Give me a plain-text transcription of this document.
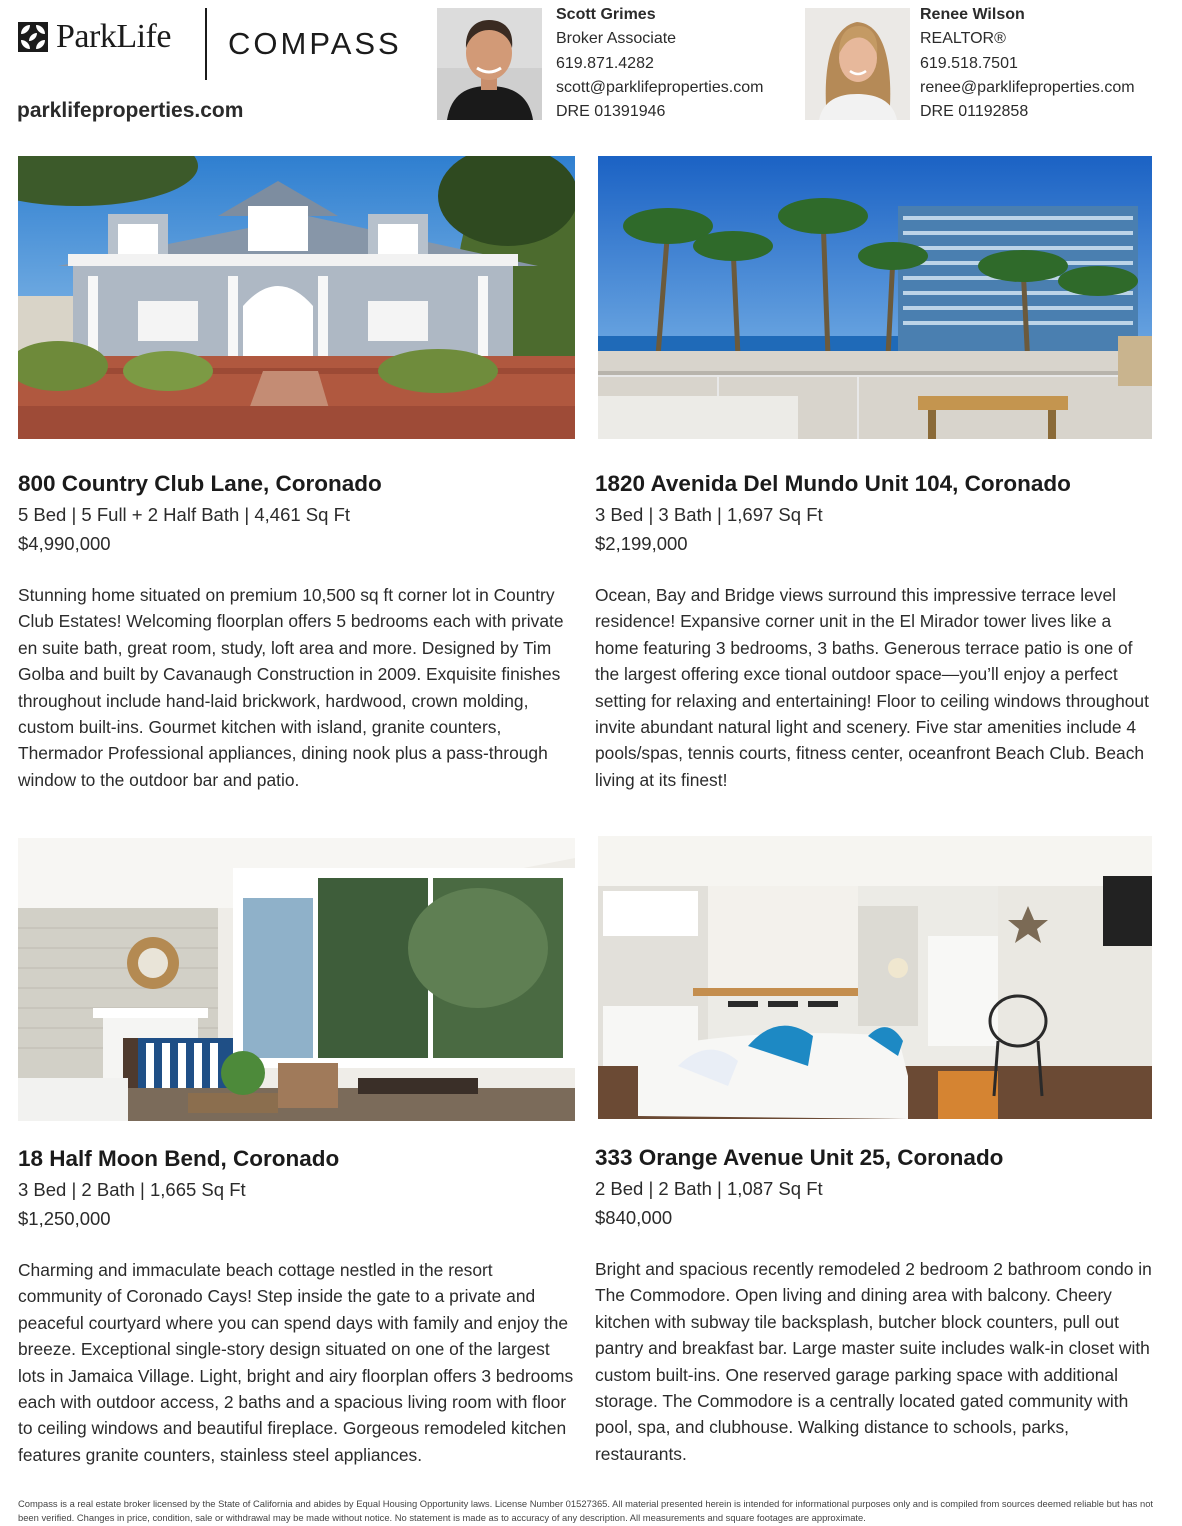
ParkLife COMPASS
parklifeproperties.com
Scott Grimes
Broker Associate
619.871.4282
scott@parklifeproperties.com
DRE 01391946
Renee Wilson
REALTOR®
619.518.7501
renee@parklifeproperties.com
DRE 01192858
800 Country Club Lane, Coronado
5 Bed | 5 Full + 2 Half Bath | 4,461 Sq Ft
$4,990,000
Stunning home situated on premium 10,500 sq ft corner lot in Country Club Estates! Welcoming floorplan offers 5 bedrooms each with private en suite bath, great room, study, loft area and more. Designed by Tim Golba and built by Cavanaugh Construction in 2009. Exquisite finishes throughout include hand-laid brickwork, hardwood, crown molding, custom built-ins. Gourmet kitchen with island, granite counters, Thermador Professional appliances, dining nook plus a pass-through window to the outdoor bar and patio.
1820 Avenida Del Mundo Unit 104, Coronado
3 Bed | 3 Bath | 1,697 Sq Ft
$2,199,000
Ocean, Bay and Bridge views surround this impressive terrace level residence! Expansive corner unit in the El Mirador tower lives like a home featuring 3 bedrooms, 3 baths. Generous terrace patio is one of the largest offering exce tional outdoor space—you’ll enjoy a perfect setting for relaxing and entertaining! Floor to ceiling windows throughout invite abundant natural light and scenery. Five star amenities include 4 pools/spas, tennis courts, fitness center, oceanfront Beach Club. Beach living at its finest!
18 Half Moon Bend, Coronado
3 Bed | 2 Bath | 1,665 Sq Ft
$1,250,000
Charming and immaculate beach cottage nestled in the resort community of Coronado Cays! Step inside the gate to a private and peaceful courtyard where you can spend days with family and enjoy the breeze. Exceptional single-story design situated on one of the largest lots in Jamaica Village. Light, bright and airy floorplan offers 3 bedrooms each with outdoor access, 2 baths and a spacious living room with floor to ceiling windows and beautiful fireplace. Gorgeous remodeled kitchen features granite counters, stainless steel appliances.
333 Orange Avenue Unit 25, Coronado
2 Bed | 2 Bath | 1,087 Sq Ft
$840,000
Bright and spacious recently remodeled 2 bedroom 2 bathroom condo in The Commodore. Open living and dining area with balcony. Cheery kitchen with subway tile backsplash, butcher block counters, pull out pantry and breakfast bar. Large master suite includes walk-in closet with custom built-ins. One reserved garage parking space with additional storage. The Commodore is a centrally located gated community with pool, spa, and clubhouse. Walking distance to schools, parks, restaurants.
Compass is a real estate broker licensed by the State of California and abides by Equal Housing Opportunity laws. License Number 01527365. All material presented herein is intended for informational purposes only and is compiled from sources deemed reliable but has not been verified. Changes in price, condition, sale or withdrawal may be made without notice. No statement is made as to accuracy of any description. All measurements and square footages are approximate.
